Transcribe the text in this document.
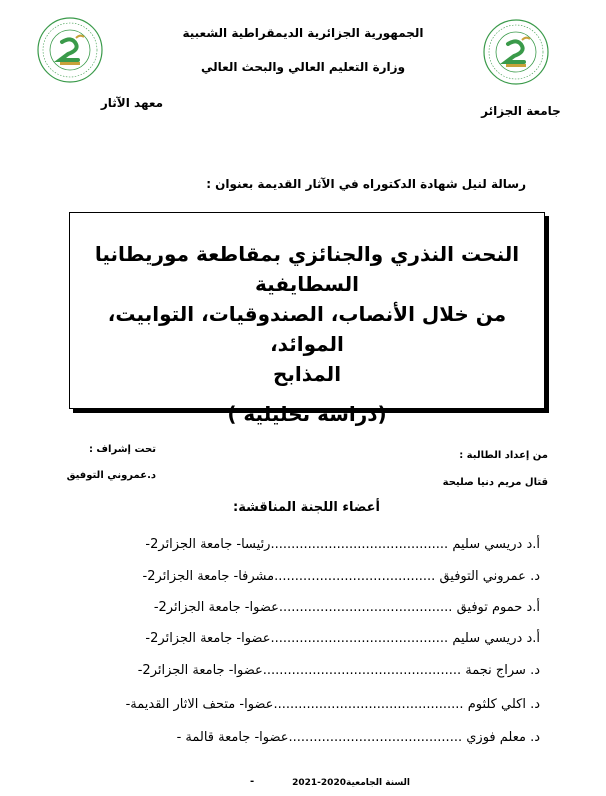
الجمهورية الجزائرية الديمقراطية الشعبية
وزارة التعليم العالي والبحث العالي
جامعة الجزائر
معهد الآثار
رسالة لنيل شهادة الدكتوراه في الآثار القديمة بعنوان :
النحت النذري والجنائزي بمقاطعة موريطانيا السطايفية
من خلال الأنصاب، الصندوقيات، التوابيت، الموائد،
المذابح
(دراسة تحليلية )
من إعداد الطالبة :
قتال مريم دنيا صليحة
تحت إشراف :
د.عمروني التوفيق
أعضاء اللجنة المناقشة:
أ.د دريسي سليم ...........................................رئيسا- جامعة الجزائر2-
د. عمروني التوفيق .......................................مشرفا- جامعة الجزائر2-
أ.د حموم توفيق ..........................................عضوا- جامعة الجزائر2-
أ.د دريسي سليم ...........................................عضوا- جامعة الجزائر2-
د. سراج نجمة ................................................عضوا- جامعة الجزائر2-
د. اكلي كلثوم ..............................................عضوا- متحف الاثار القديمة-
د. معلم فوزي ..........................................عضوا- جامعة قالمة -
السنة الجامعية2020-2021
-
